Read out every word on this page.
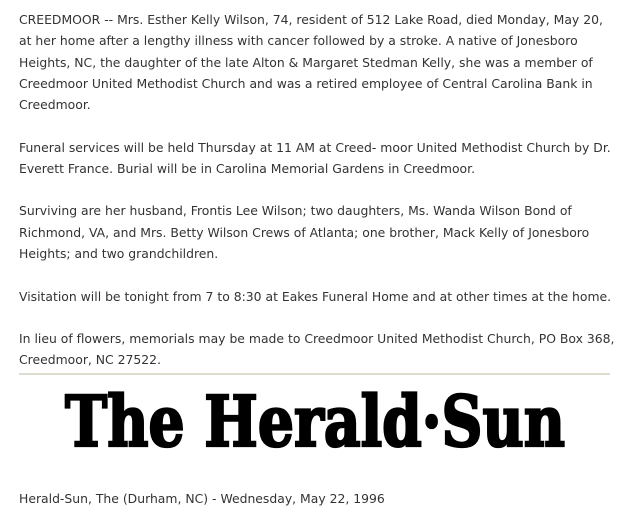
CREEDMOOR -- Mrs. Esther Kelly Wilson, 74, resident of 512 Lake Road, died Monday, May 20, at her home after a lengthy illness with cancer followed by a stroke. A native of Jonesboro Heights, NC, the daughter of the late Alton & Margaret Stedman Kelly, she was a member of Creedmoor United Methodist Church and was a retired employee of Central Carolina Bank in Creedmoor.

Funeral services will be held Thursday at 11 AM at Creed- moor United Methodist Church by Dr. Everett France. Burial will be in Carolina Memorial Gardens in Creedmoor.

Surviving are her husband, Frontis Lee Wilson; two daughters, Ms. Wanda Wilson Bond of Richmond, VA, and Mrs. Betty Wilson Crews of Atlanta; one brother, Mack Kelly of Jonesboro Heights; and two grandchildren.

Visitation will be tonight from 7 to 8:30 at Eakes Funeral Home and at other times at the home.

In lieu of flowers, memorials may be made to Creedmoor United Methodist Church, PO Box 368, Creedmoor, NC 27522.

The Herald·Sun
Herald-Sun, The (Durham, NC) - Wednesday, May 22, 1996
